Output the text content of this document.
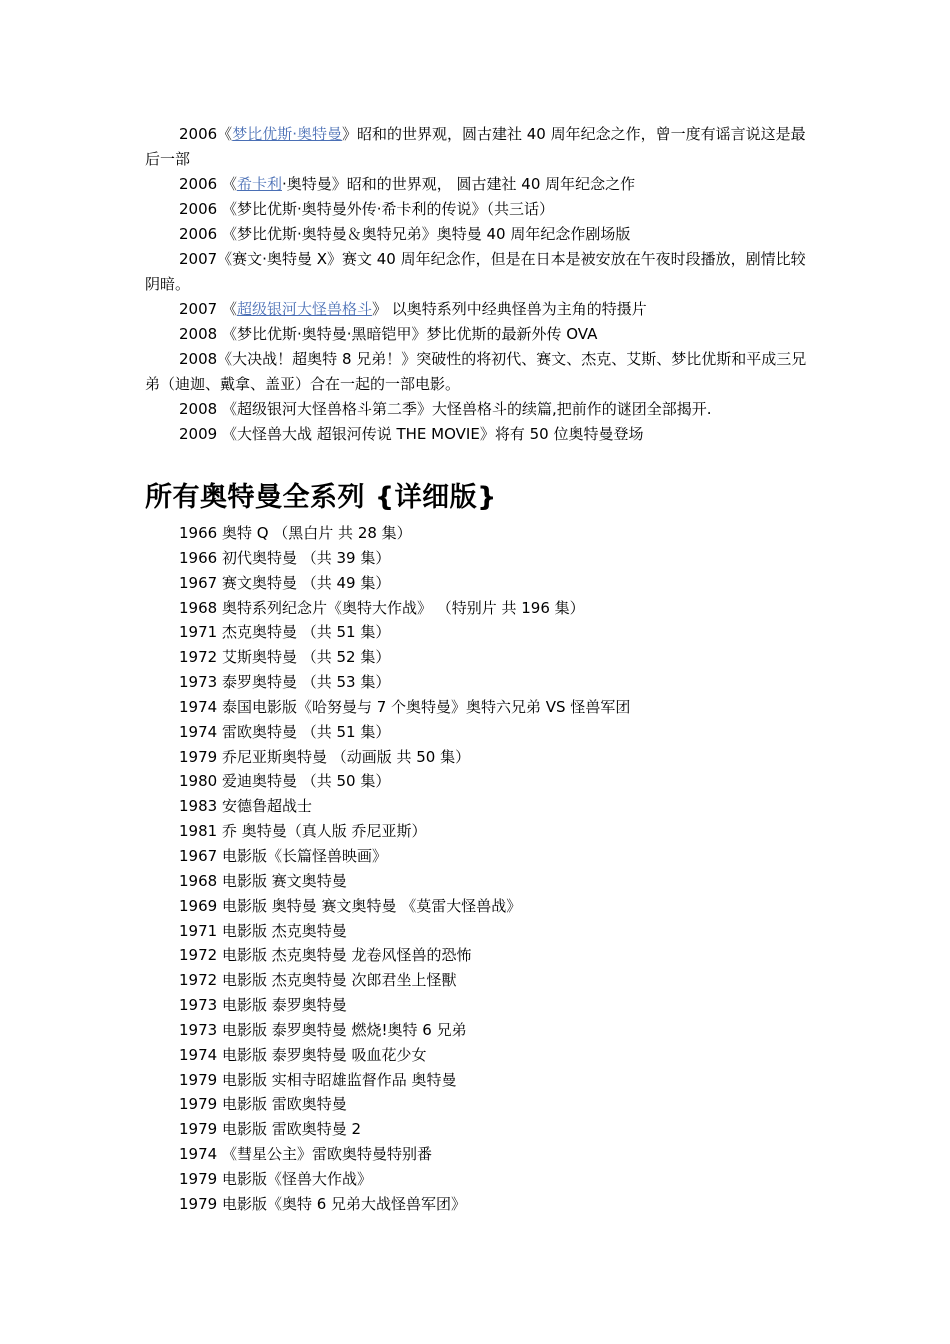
2006《梦比优斯·奥特曼》昭和的世界观，圆古建社 40 周年纪念之作，曾一度有谣言说这是最后一部

2006 《希卡利·奥特曼》昭和的世界观， 圆古建社 40 周年纪念之作

2006 《梦比优斯·奥特曼外传·希卡利的传说》（共三话）

2006 《梦比优斯·奥特曼＆奥特兄弟》奥特曼 40 周年纪念作剧场版

2007《赛文·奥特曼 X》赛文 40 周年纪念作，但是在日本是被安放在午夜时段播放，剧情比较阴暗。

2007 《超级银河大怪兽格斗》 以奥特系列中经典怪兽为主角的特摄片

2008 《梦比优斯·奥特曼·黑暗铠甲》梦比优斯的最新外传 OVA

2008《大决战！超奥特 8 兄弟！》突破性的将初代、赛文、杰克、艾斯、梦比优斯和平成三兄弟（迪迦、戴拿、盖亚）合在一起的一部电影。

2008 《超级银河大怪兽格斗第二季》大怪兽格斗的续篇,把前作的谜团全部揭开.

2009 《大怪兽大战 超银河传说 THE MOVIE》将有 50 位奥特曼登场

所有奥特曼全系列 {详细版}

1966 奥特 Q （黑白片 共 28 集）

1966 初代奥特曼 （共 39 集）

1967 赛文奥特曼 （共 49 集）

1968 奥特系列纪念片《奥特大作战》 （特别片 共 196 集）

1971 杰克奥特曼 （共 51 集）

1972 艾斯奥特曼 （共 52 集）

1973 泰罗奥特曼 （共 53 集）

1974 泰国电影版《哈努曼与 7 个奥特曼》奥特六兄弟 VS 怪兽军团

1974 雷欧奥特曼 （共 51 集）

1979 乔尼亚斯奥特曼 （动画版 共 50 集）

1980 爱迪奥特曼 （共 50 集）

1983 安德鲁超战士

1981 乔 奥特曼（真人版 乔尼亚斯）

1967 电影版《长篇怪兽映画》

1968 电影版 赛文奥特曼

1969 电影版 奥特曼 赛文奥特曼 《莫雷大怪兽战》

1971 电影版 杰克奥特曼

1972 电影版 杰克奥特曼 龙卷风怪兽的恐怖

1972 电影版 杰克奥特曼 次郎君坐上怪獸

1973 电影版 泰罗奥特曼

1973 电影版 泰罗奥特曼 燃烧!奥特 6 兄弟

1974 电影版 泰罗奥特曼 吸血花少女

1979 电影版 实相寺昭雄监督作品 奥特曼

1979 电影版 雷欧奥特曼

1979 电影版 雷欧奥特曼 2

1974 《彗星公主》雷欧奥特曼特别番

1979 电影版《怪兽大作战》

1979 电影版《奥特 6 兄弟大战怪兽军团》
